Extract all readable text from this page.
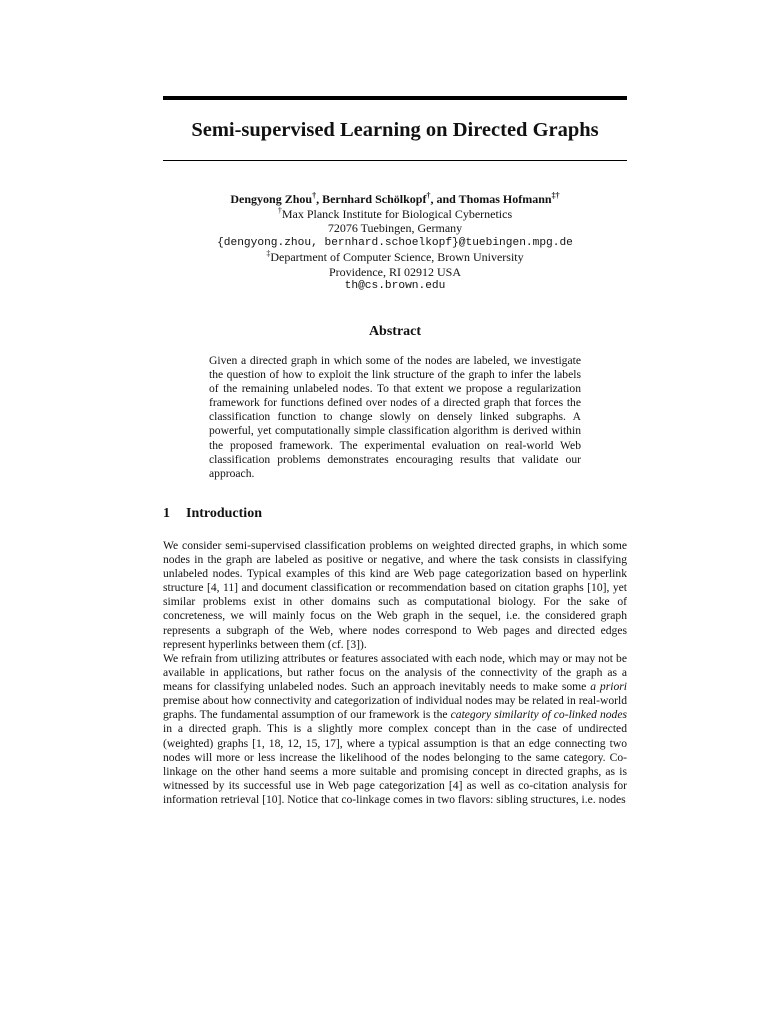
Semi-supervised Learning on Directed Graphs
Dengyong Zhou†, Bernhard Schölkopf†, and Thomas Hofmann‡†
†Max Planck Institute for Biological Cybernetics
72076 Tuebingen, Germany
{dengyong.zhou, bernhard.schoelkopf}@tuebingen.mpg.de
‡Department of Computer Science, Brown University
Providence, RI 02912 USA
th@cs.brown.edu
Abstract

Given a directed graph in which some of the nodes are labeled, we investigate the question of how to exploit the link structure of the graph to infer the labels of the remaining unlabeled nodes. To that extent we propose a regularization framework for functions defined over nodes of a directed graph that forces the classification function to change slowly on densely linked subgraphs. A powerful, yet computationally simple classification algorithm is derived within the proposed framework. The experimental evaluation on real-world Web classification problems demonstrates encouraging results that validate our approach.

1 Introduction

We consider semi-supervised classification problems on weighted directed graphs, in which some nodes in the graph are labeled as positive or negative, and where the task consists in classifying unlabeled nodes. Typical examples of this kind are Web page categorization based on hyperlink structure [4, 11] and document classification or recommendation based on citation graphs [10], yet similar problems exist in other domains such as computational biology. For the sake of concreteness, we will mainly focus on the Web graph in the sequel, i.e. the considered graph represents a subgraph of the Web, where nodes correspond to Web pages and directed edges represent hyperlinks between them (cf. [3]).

We refrain from utilizing attributes or features associated with each node, which may or may not be available in applications, but rather focus on the analysis of the connectivity of the graph as a means for classifying unlabeled nodes. Such an approach inevitably needs to make some a priori premise about how connectivity and categorization of individual nodes may be related in real-world graphs. The fundamental assumption of our framework is the category similarity of co-linked nodes in a directed graph. This is a slightly more complex concept than in the case of undirected (weighted) graphs [1, 18, 12, 15, 17], where a typical assumption is that an edge connecting two nodes will more or less increase the likelihood of the nodes belonging to the same category. Co-linkage on the other hand seems a more suitable and promising concept in directed graphs, as is witnessed by its successful use in Web page categorization [4] as well as co-citation analysis for information retrieval [10]. Notice that co-linkage comes in two flavors: sibling structures, i.e. nodes
